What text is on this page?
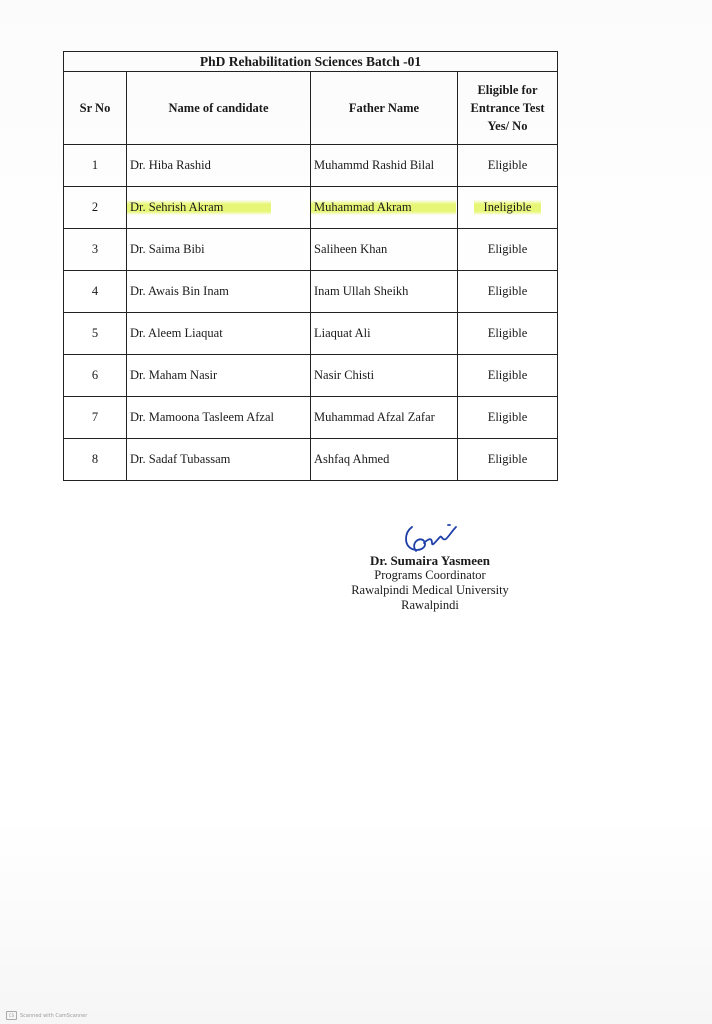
PhD Rehabilitation Sciences Batch -01			
Sr No	Name of candidate	Father Name	Eligible for
Entrance Test
Yes/ No

1	Dr. Hiba Rashid	Muhammd Rashid Bilal	Eligible
2	Dr. Sehrish Akram	Muhammad Akram	Ineligible
3	Dr. Saima Bibi	Saliheen Khan	Eligible
4	Dr. Awais Bin Inam	Inam Ullah Sheikh	Eligible
5	Dr. Aleem Liaquat	Liaquat Ali	Eligible
6	Dr. Maham Nasir	Nasir Chisti	Eligible
7	Dr. Mamoona Tasleem Afzal	Muhammad Afzal Zafar	Eligible
8	Dr. Sadaf Tubassam	Ashfaq Ahmed	Eligible
Dr. Sumaira Yasmeen
Programs Coordinator
Rawalpindi Medical University
Rawalpindi
CS	Scanned with CamScanner
